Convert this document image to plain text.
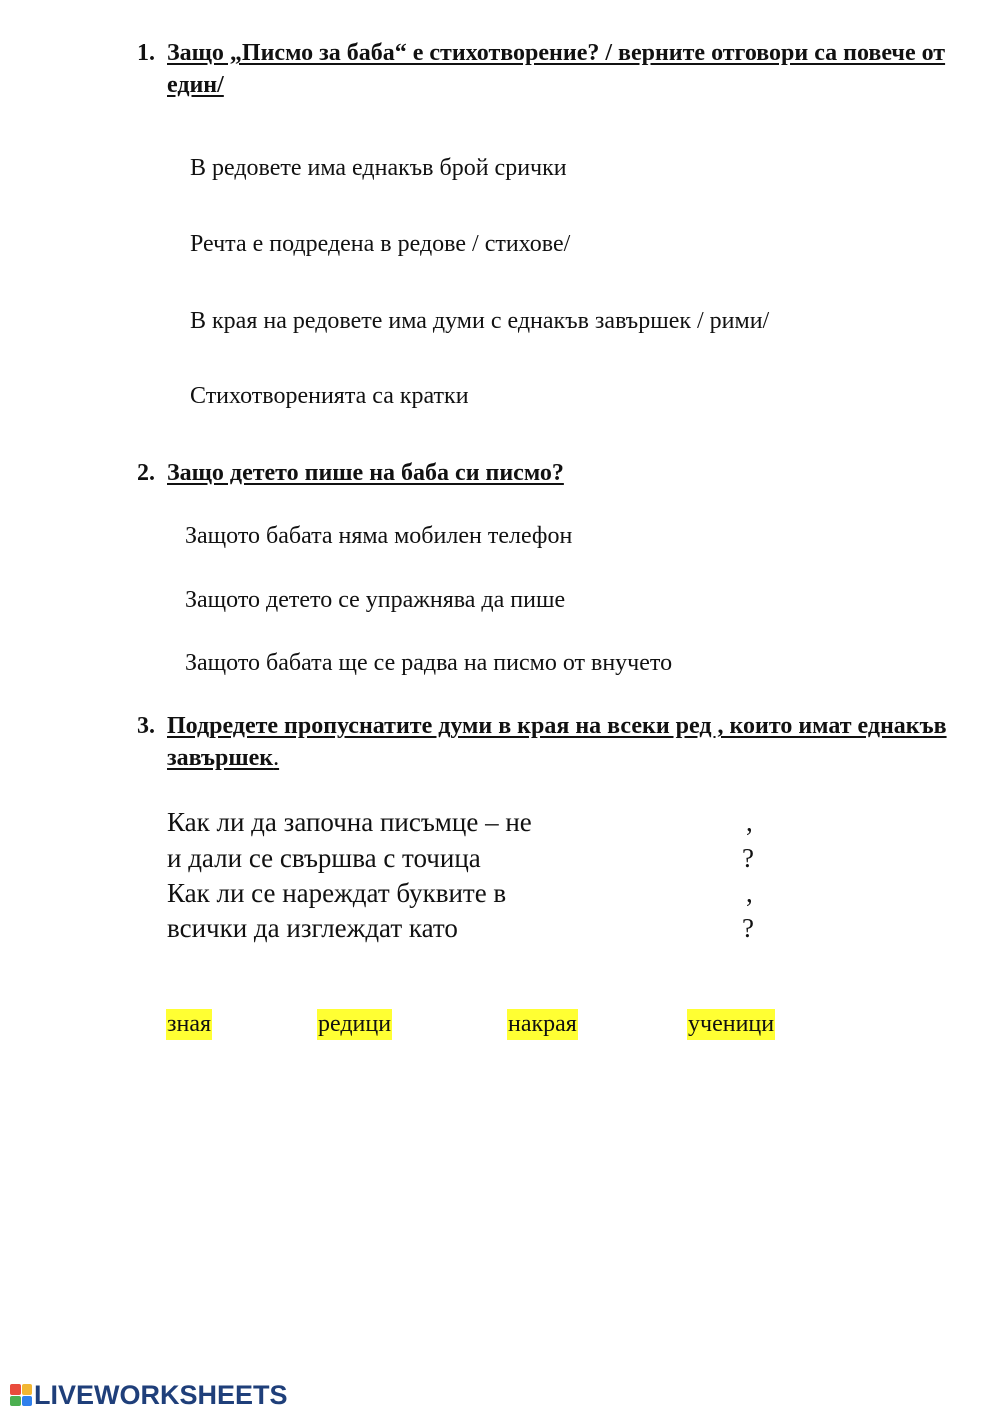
1. Защо „Писмо за баба“ е стихотворение? / верните отговори са повече от един/
В редовете има еднакъв брой срички
Речта е подредена в редове / стихове/
В края на редовете има думи с еднакъв завършек / рими/
Стихотворенията са кратки
2. Защо детето пише на баба си писмо?
Защото бабата няма мобилен телефон
Защото детето се упражнява да пише
Защото бабата ще се радва на писмо от внучето
3. Подредете пропуснатите думи в края на всеки ред , които имат еднакъв завършек.
Как ли да започна писъмце – не	,
и дали се свършва с точица	?
Как ли се нареждат буквите в	,
всички да изглеждат като	?
зная	редици	накрая	ученици
LIVEWORKSHEETS
